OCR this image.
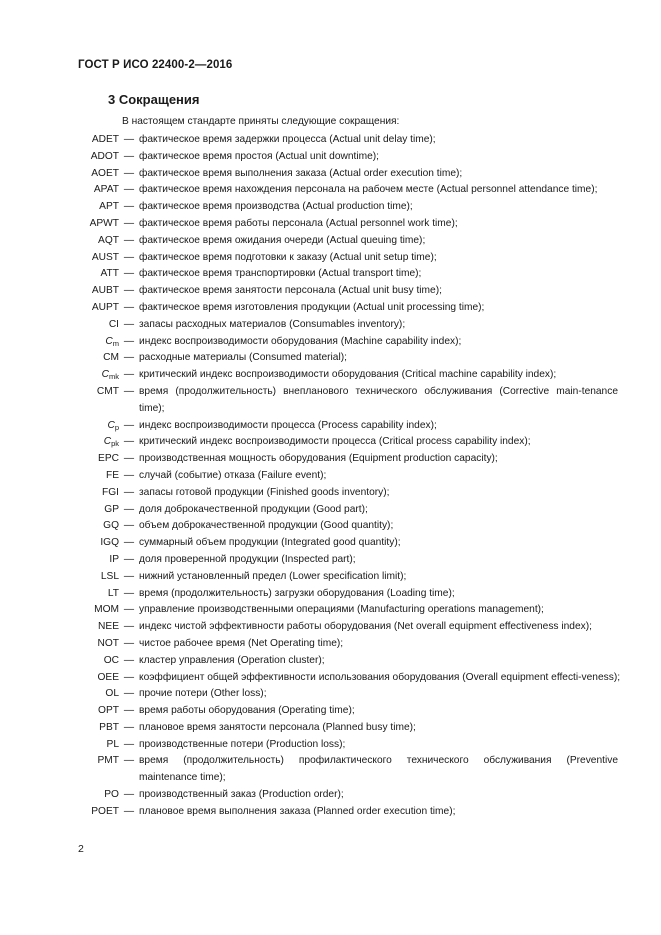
ГОСТ Р ИСО 22400-2—2016
3 Сокращения
В настоящем стандарте приняты следующие сокращения:
ADET — фактическое время задержки процесса (Actual unit delay time);
ADOT — фактическое время простоя (Actual unit downtime);
AOET — фактическое время выполнения заказа (Actual order execution time);
APAT — фактическое время нахождения персонала на рабочем месте (Actual personnel attendance time);
APT — фактическое время производства (Actual production time);
APWT — фактическое время работы персонала (Actual personnel work time);
AQT — фактическое время ожидания очереди (Actual queuing time);
AUST — фактическое время подготовки к заказу (Actual unit setup time);
ATT — фактическое время транспортировки (Actual transport time);
AUBT — фактическое время занятости персонала (Actual unit busy time);
AUPT — фактическое время изготовления продукции (Actual unit processing time);
CI — запасы расходных материалов (Consumables inventory);
$C_m$ — индекс воспроизводимости оборудования (Machine capability index);
CM — расходные материалы (Consumed material);
$C_{mk}$ — критический индекс воспроизводимости оборудования (Critical machine capability index);
CMT — время (продолжительность) внепланового технического обслуживания (Corrective main-tenance time);
$C_p$ — индекс воспроизводимости процесса (Process capability index);
$C_{pk}$ — критический индекс воспроизводимости процесса (Critical process capability index);
EPC — производственная мощность оборудования (Equipment production capacity);
FE — случай (событие) отказа (Failure event);
FGI — запасы готовой продукции (Finished goods inventory);
GP — доля доброкачественной продукции (Good part);
GQ — объем доброкачественной продукции (Good quantity);
IGQ — суммарный объем продукции (Integrated good quantity);
IP — доля проверенной продукции (Inspected part);
LSL — нижний установленный предел (Lower specification limit);
LT — время (продолжительность) загрузки оборудования (Loading time);
MOM — управление производственными операциями (Manufacturing operations management);
NEE — индекс чистой эффективности работы оборудования (Net overall equipment effectiveness index);
NOT — чистое рабочее время (Net Operating time);
OC — кластер управления (Operation cluster);
OEE — коэффициент общей эффективности использования оборудования (Overall equipment effecti-veness);
OL — прочие потери (Other loss);
OPT — время работы оборудования (Operating time);
PBT — плановое время занятости персонала (Planned busy time);
PL — производственные потери (Production loss);
PMT — время (продолжительность) профилактического технического обслуживания (Preventive maintenance time);
PO — производственный заказ (Production order);
POET — плановое время выполнения заказа (Planned order execution time);
2
